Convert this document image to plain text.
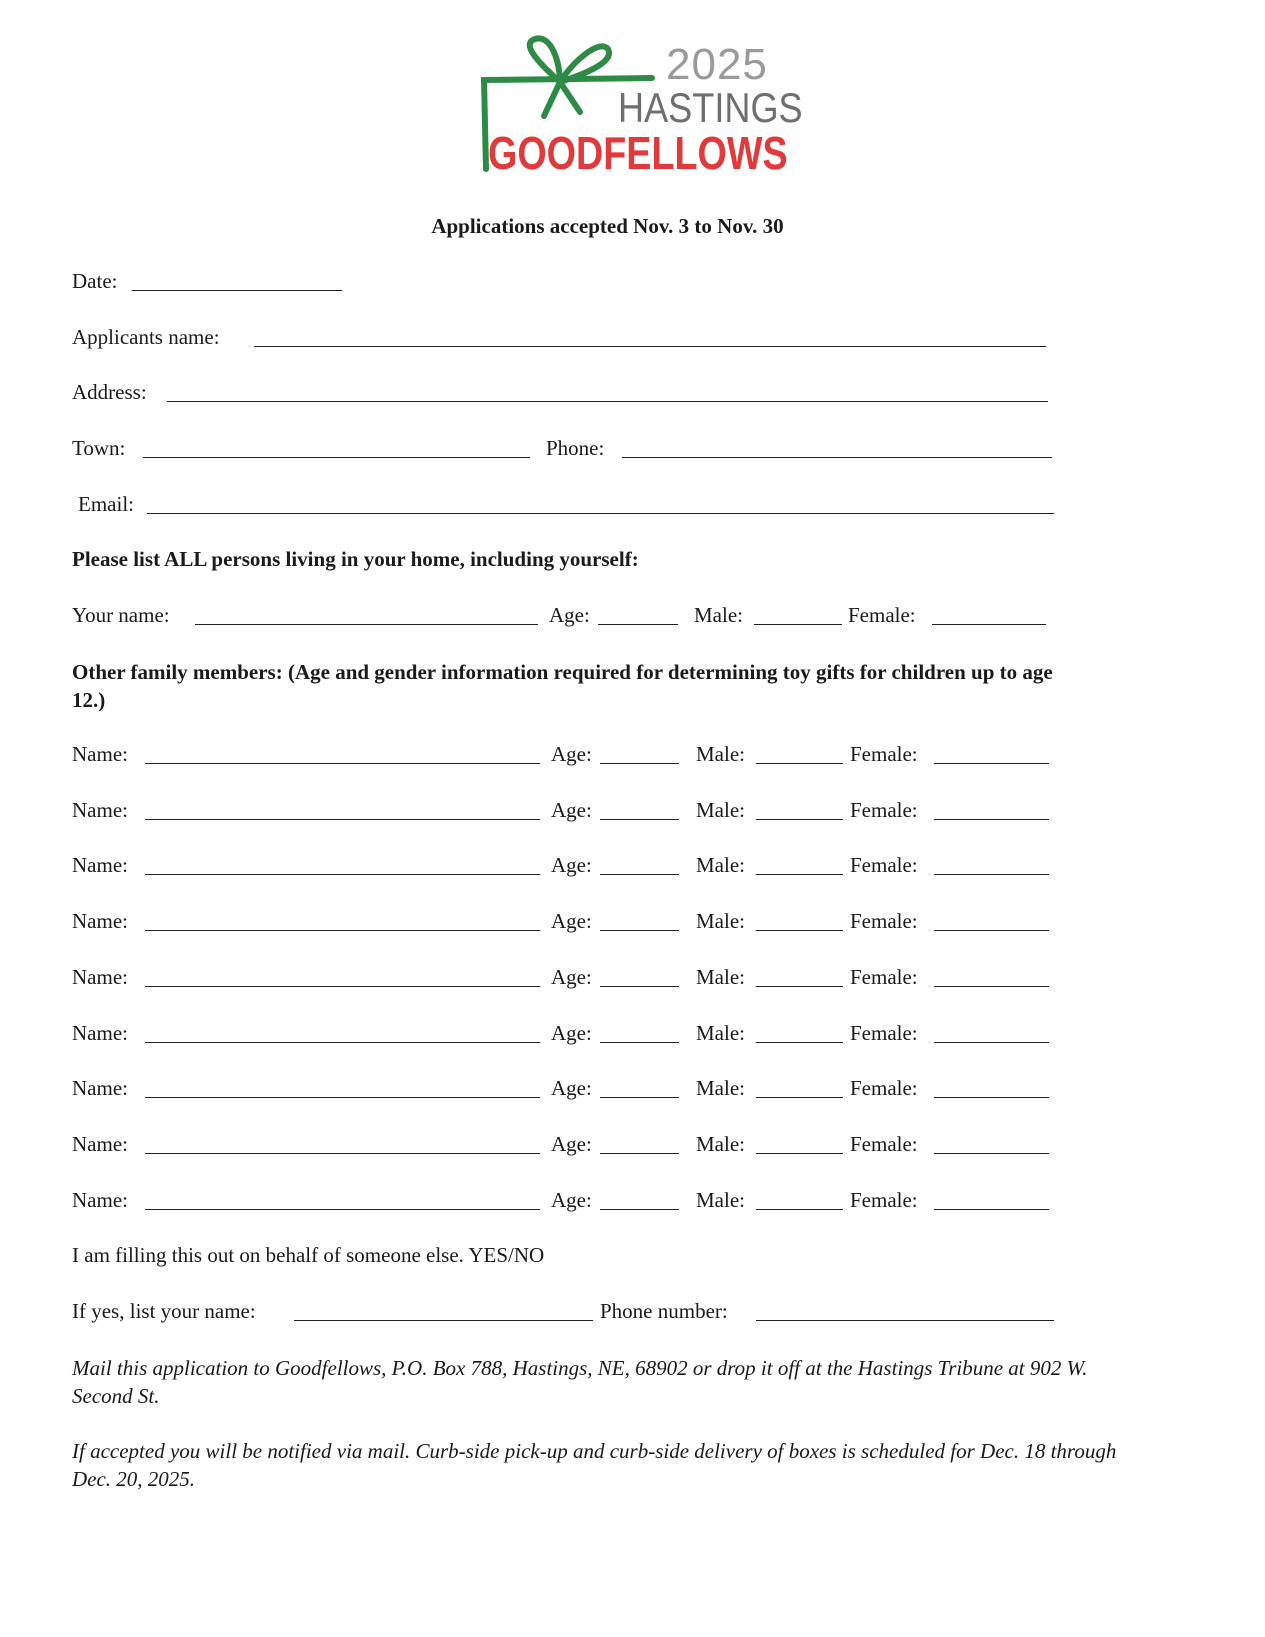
2025
HASTINGS
GOODFELLOWS
Applications accepted Nov. 3 to Nov. 30
Date:
Applicants name:
Address:
Town:	Phone:
Email:
Please list ALL persons living in your home, including yourself:
Your name:	Age:	Male:	Female:
Other family members: (Age and gender information required for determining toy gifts for children up to age 12.)
Name:	Age:	Male:	Female:
Name:	Age:	Male:	Female:
Name:	Age:	Male:	Female:
Name:	Age:	Male:	Female:
Name:	Age:	Male:	Female:
Name:	Age:	Male:	Female:
Name:	Age:	Male:	Female:
Name:	Age:	Male:	Female:
Name:	Age:	Male:	Female:
I am filling this out on behalf of someone else. YES/NO
If yes, list your name:	Phone number:
Mail this application to Goodfellows, P.O. Box 788, Hastings, NE, 68902 or drop it off at the Hastings Tribune at 902 W. Second St.
If accepted you will be notified via mail. Curb-side pick-up and curb-side delivery of boxes is scheduled for Dec. 18 through Dec. 20, 2025.
